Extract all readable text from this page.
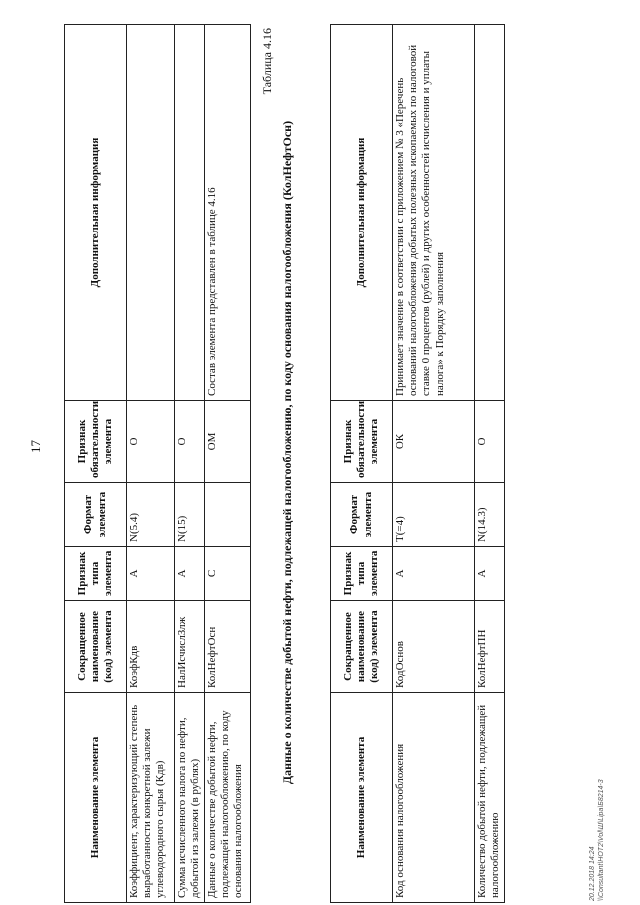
17
Наименование элемента	Сокращенное наименование (код) элемента	Признак типа элемента	Формат элемента	Признак обязательности элемента	Дополнительная информация
Коэффициент, характеризующий степень выработанности конкретной залежи углеводородного сырья (Кдв)	КоэфКдв	А	N(5.4)	О	
Сумма исчисленного налога по нефти, добытой из залежи (в рублях)	НалИсчислЗлж	А	N(15)	О	
Данные о количестве добытой нефти, подлежащей налогообложению, по коду основания налогообложения	КолНефтОсн	С		ОМ	Состав элемента представлен в таблице 4.16
Таблица 4.16
Данные о количестве добытой нефти, подлежащей налогообложению, по коду основания налогообложения (КолНефтОсн)
Наименование элемента	Сокращенное наименование (код) элемента	Признак типа элемента	Формат элемента	Признак обязательности элемента	Дополнительная информация
Код основания налогообложения	КодОснов	А	T(=4)	ОК	Принимает значение в соответствии с приложением № 3 «Перечень оснований налогообложения добытых полезных ископаемых по налоговой ставке 0 процентов (рублей) и других особенностей исчисления и уплаты налога» к Порядку заполнения
Количество добытой нефти, подлежащей налогообложению	КолНефтПН	А	N(14.3)	О	
20.12.2018 14:24 \\Consultant\HOT2\Vol\Ш\Lipa\Б8214-3
